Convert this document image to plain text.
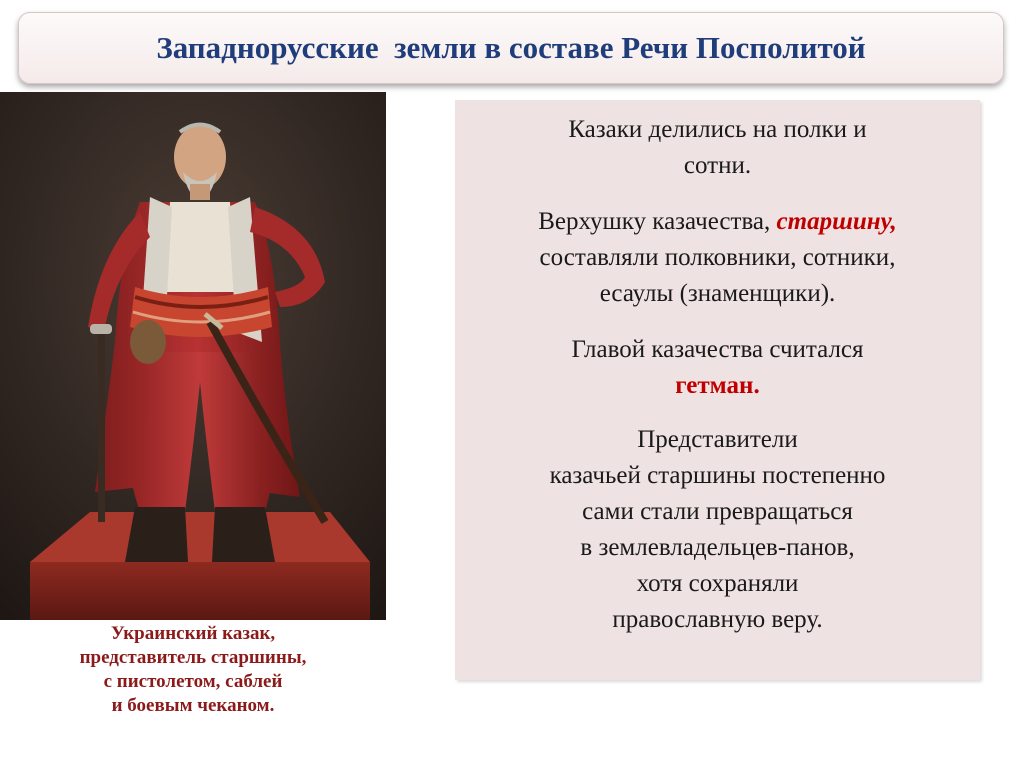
Западнорусские  земли в составе Речи Посполитой
Украинский казак,
представитель старшины,
с пистолетом, саблей
и боевым чеканом.

Казаки делились на полки и
сотни.

Верхушку казачества, старшину,
составляли полковники, сотники,
есаулы (знаменщики).

Главой казачества считался
гетман.

Представители
казачьей старшины постепенно
сами стали превращаться
в землевладельцев-панов,
хотя сохраняли
православную веру.
